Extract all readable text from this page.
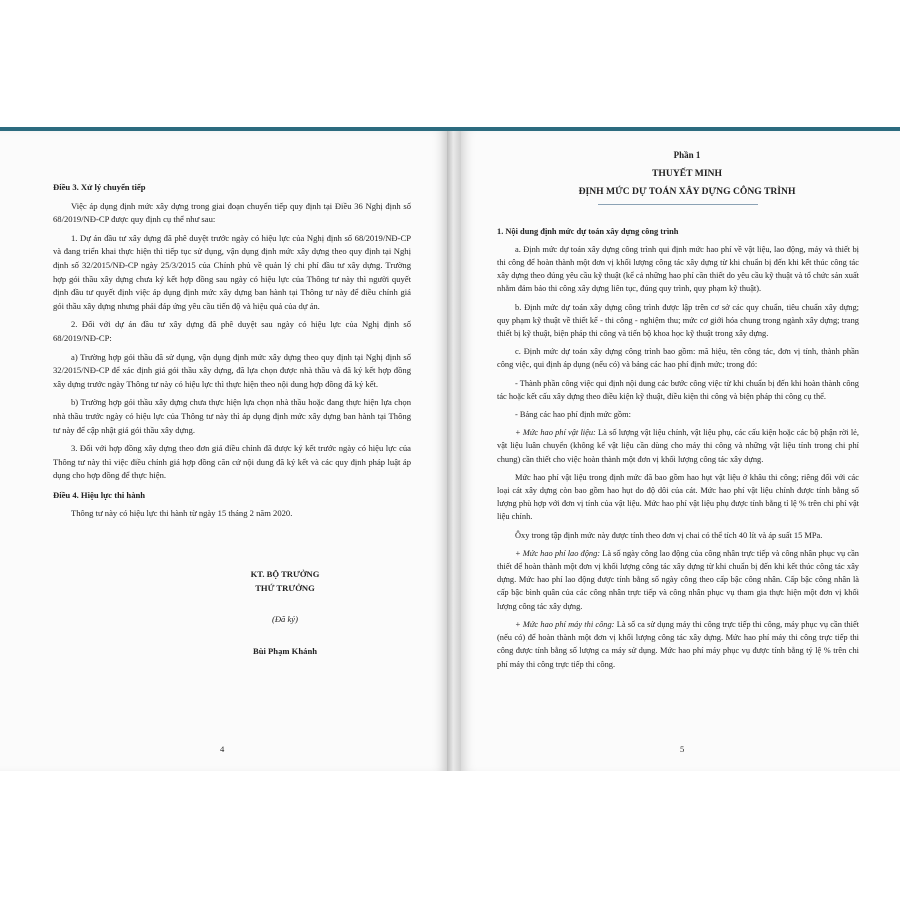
Điều 3. Xử lý chuyển tiếp

Việc áp dụng định mức xây dựng trong giai đoạn chuyển tiếp quy định tại Điều 36 Nghị định số 68/2019/NĐ-CP được quy định cụ thể như sau:

1. Dự án đầu tư xây dựng đã phê duyệt trước ngày có hiệu lực của Nghị định số 68/2019/NĐ-CP và đang triển khai thực hiện thì tiếp tục sử dụng, vận dụng định mức xây dựng theo quy định tại Nghị định số 32/2015/NĐ-CP ngày 25/3/2015 của Chính phủ về quản lý chi phí đầu tư xây dựng. Trường hợp gói thầu xây dựng chưa ký kết hợp đồng sau ngày có hiệu lực của Thông tư này thì người quyết định đầu tư quyết định việc áp dụng định mức xây dựng ban hành tại Thông tư này để điều chỉnh giá gói thầu xây dựng nhưng phải đáp ứng yêu cầu tiến độ và hiệu quả của dự án.

2. Đối với dự án đầu tư xây dựng đã phê duyệt sau ngày có hiệu lực của Nghị định số 68/2019/NĐ-CP:

a) Trường hợp gói thầu đã sử dụng, vận dụng định mức xây dựng theo quy định tại Nghị định số 32/2015/NĐ-CP để xác định giá gói thầu xây dựng, đã lựa chọn được nhà thầu và đã ký kết hợp đồng xây dựng trước ngày Thông tư này có hiệu lực thì thực hiện theo nội dung hợp đồng đã ký kết.

b) Trường hợp gói thầu xây dựng chưa thực hiện lựa chọn nhà thầu hoặc đang thực hiện lựa chọn nhà thầu trước ngày có hiệu lực của Thông tư này thì áp dụng định mức xây dựng ban hành tại Thông tư này để cập nhật giá gói thầu xây dựng.

3. Đối với hợp đồng xây dựng theo đơn giá điều chỉnh đã được ký kết trước ngày có hiệu lực của Thông tư này thì việc điều chỉnh giá hợp đồng căn cứ nội dung đã ký kết và các quy định pháp luật áp dụng cho hợp đồng để thực hiện.

Điều 4. Hiệu lực thi hành

Thông tư này có hiệu lực thi hành từ ngày 15 tháng 2 năm 2020.

KT. BỘ TRƯỞNG
THỨ TRƯỞNG
(Đã ký)
Bùi Phạm Khánh
4

Phần 1

THUYẾT MINH

ĐỊNH MỨC DỰ TOÁN XÂY DỰNG CÔNG TRÌNH

1. Nội dung định mức dự toán xây dựng công trình

a. Định mức dự toán xây dựng công trình qui định mức hao phí về vật liệu, lao động, máy và thiết bị thi công để hoàn thành một đơn vị khối lượng công tác xây dựng từ khi chuẩn bị đến khi kết thúc công tác xây dựng theo đúng yêu cầu kỹ thuật (kể cả những hao phí cần thiết do yêu cầu kỹ thuật và tổ chức sản xuất nhằm đảm bảo thi công xây dựng liên tục, đúng quy trình, quy phạm kỹ thuật).

b. Định mức dự toán xây dựng công trình được lập trên cơ sở các quy chuẩn, tiêu chuẩn xây dựng; quy phạm kỹ thuật về thiết kế - thi công - nghiệm thu; mức cơ giới hóa chung trong ngành xây dựng; trang thiết bị kỹ thuật, biện pháp thi công và tiến bộ khoa học kỹ thuật trong xây dựng.

c. Định mức dự toán xây dựng công trình bao gồm: mã hiệu, tên công tác, đơn vị tính, thành phần công việc, qui định áp dụng (nếu có) và bảng các hao phí định mức; trong đó:

- Thành phần công việc qui định nội dung các bước công việc từ khi chuẩn bị đến khi hoàn thành công tác hoặc kết cấu xây dựng theo điều kiện kỹ thuật, điều kiện thi công và biện pháp thi công cụ thể.

- Bảng các hao phí định mức gồm:

+ Mức hao phí vật liệu: Là số lượng vật liệu chính, vật liệu phụ, các cấu kiện hoặc các bộ phận rời lẻ, vật liệu luân chuyển (không kể vật liệu cần dùng cho máy thi công và những vật liệu tính trong chi phí chung) cần thiết cho việc hoàn thành một đơn vị khối lượng công tác xây dựng.

Mức hao phí vật liệu trong định mức đã bao gồm hao hụt vật liệu ở khâu thi công; riêng đối với các loại cát xây dựng còn bao gồm hao hụt do độ dôi của cát. Mức hao phí vật liệu chính được tính bằng số lượng phù hợp với đơn vị tính của vật liệu. Mức hao phí vật liệu phụ được tính bằng tỉ lệ % trên chi phí vật liệu chính.

Ôxy trong tập định mức này được tính theo đơn vị chai có thể tích 40 lít và áp suất 15 MPa.

+ Mức hao phí lao động: Là số ngày công lao động của công nhân trực tiếp và công nhân phục vụ cần thiết để hoàn thành một đơn vị khối lượng công tác xây dựng từ khi chuẩn bị đến khi kết thúc công tác xây dựng. Mức hao phí lao động được tính bằng số ngày công theo cấp bậc công nhân. Cấp bậc công nhân là cấp bậc bình quân của các công nhân trực tiếp và công nhân phục vụ tham gia thực hiện một đơn vị khối lượng công tác xây dựng.

+ Mức hao phí máy thi công: Là số ca sử dụng máy thi công trực tiếp thi công, máy phục vụ cần thiết (nếu có) để hoàn thành một đơn vị khối lượng công tác xây dựng. Mức hao phí máy thi công trực tiếp thi công được tính bằng số lượng ca máy sử dụng. Mức hao phí máy phục vụ được tính bằng tỷ lệ % trên chi phí máy thi công trực tiếp thi công.

5
